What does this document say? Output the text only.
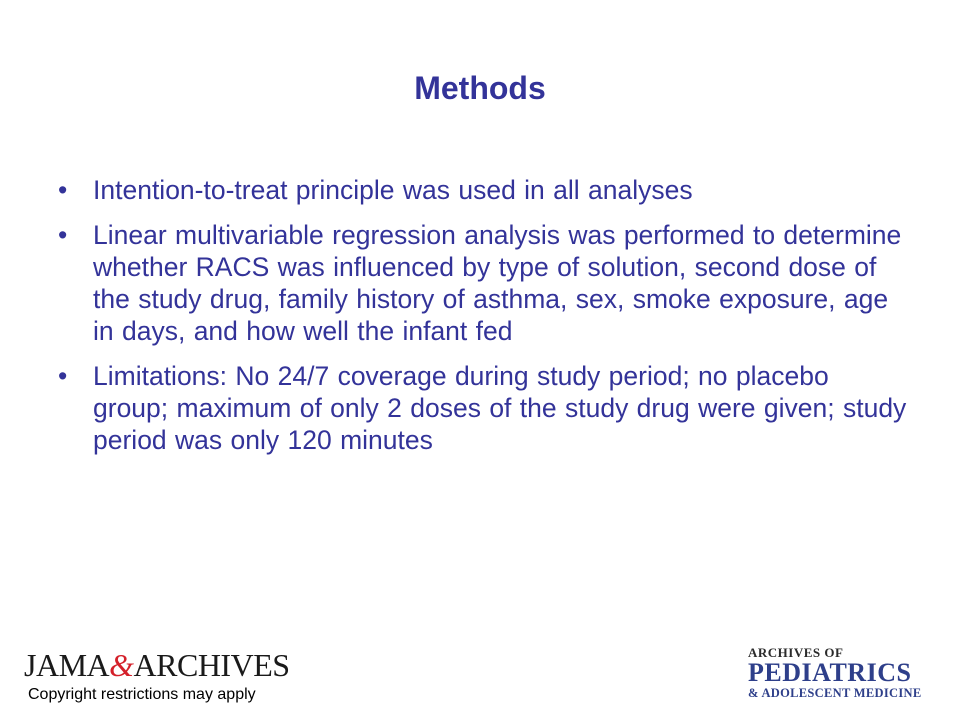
Methods
• Intention-to-treat principle was used in all analyses
• Linear multivariable regression analysis was performed to determine whether RACS was influenced by type of solution, second dose of the study drug, family history of asthma, sex, smoke exposure, age in days, and how well the infant fed
• Limitations: No 24/7 coverage during study period; no placebo group; maximum of only 2 doses of the study drug were given; study period was only 120 minutes
JAMA&ARCHIVES
Copyright restrictions may apply
ARCHIVES OF
PEDIATRICS
& ADOLESCENT MEDICINE
